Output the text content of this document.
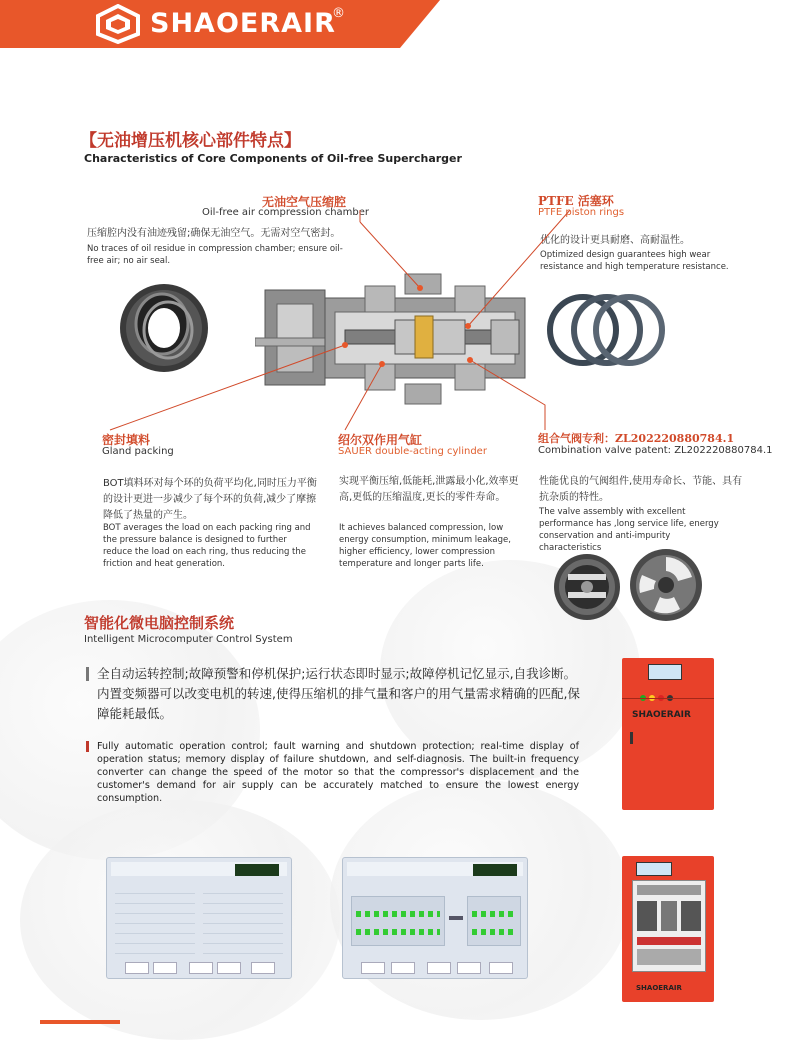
SHAOERAIR
®
【无油增压机核心部件特点】
Characteristics of Core Components of Oil-free Supercharger
无油空气压缩腔
Oil-free air compression chamber
压缩腔内没有油迹残留;确保无油空气。无需对空气密封。
No traces of oil residue in compression chamber; ensure oil-free air; no air seal.
PTFE 活塞环
PTFE piston rings
优化的设计更具耐磨、高耐温性。
Optimized design guarantees high wear resistance and high temperature resistance.
密封填料
Gland packing
BOT填料环对每个环的负荷平均化,同时压力平衡的设计更进一步减少了每个环的负荷,减少了摩擦降低了热量的产生。
BOT averages the load on each packing ring and the pressure balance is designed to further reduce the load on each ring, thus reducing the friction and heat generation.
绍尔双作用气缸
SAUER double-acting cylinder
实现平衡压缩,低能耗,泄露最小化,效率更高,更低的压缩温度,更长的零件寿命。
It achieves balanced compression, low energy consumption, minimum leakage, higher efficiency, lower compression temperature and longer parts life.
组合气阀专利：ZL202220880784.1
Combination valve patent: ZL202220880784.1
性能优良的气阀组件,使用寿命长、节能、具有抗杂质的特性。
The valve assembly with excellent performance has ,long service life, energy conservation and anti-impurity characteristics
智能化微电脑控制系统
Intelligent Microcomputer Control System
全自动运转控制;故障预警和停机保护;运行状态即时显示;故障停机记忆显示,自我诊断。内置变频器可以改变电机的转速,使得压缩机的排气量和客户的用气量需求精确的匹配,保障能耗最低。
Fully automatic operation control; fault warning and shutdown protection; real-time display of operation status; memory display of failure shutdown, and self-diagnosis. The built-in frequency converter can change the speed of the motor so that the compressor's displacement and the customer's demand for air supply can be accurately matched to ensure the lowest energy consumption.
SHAOERAIR
SHAOERAIR
